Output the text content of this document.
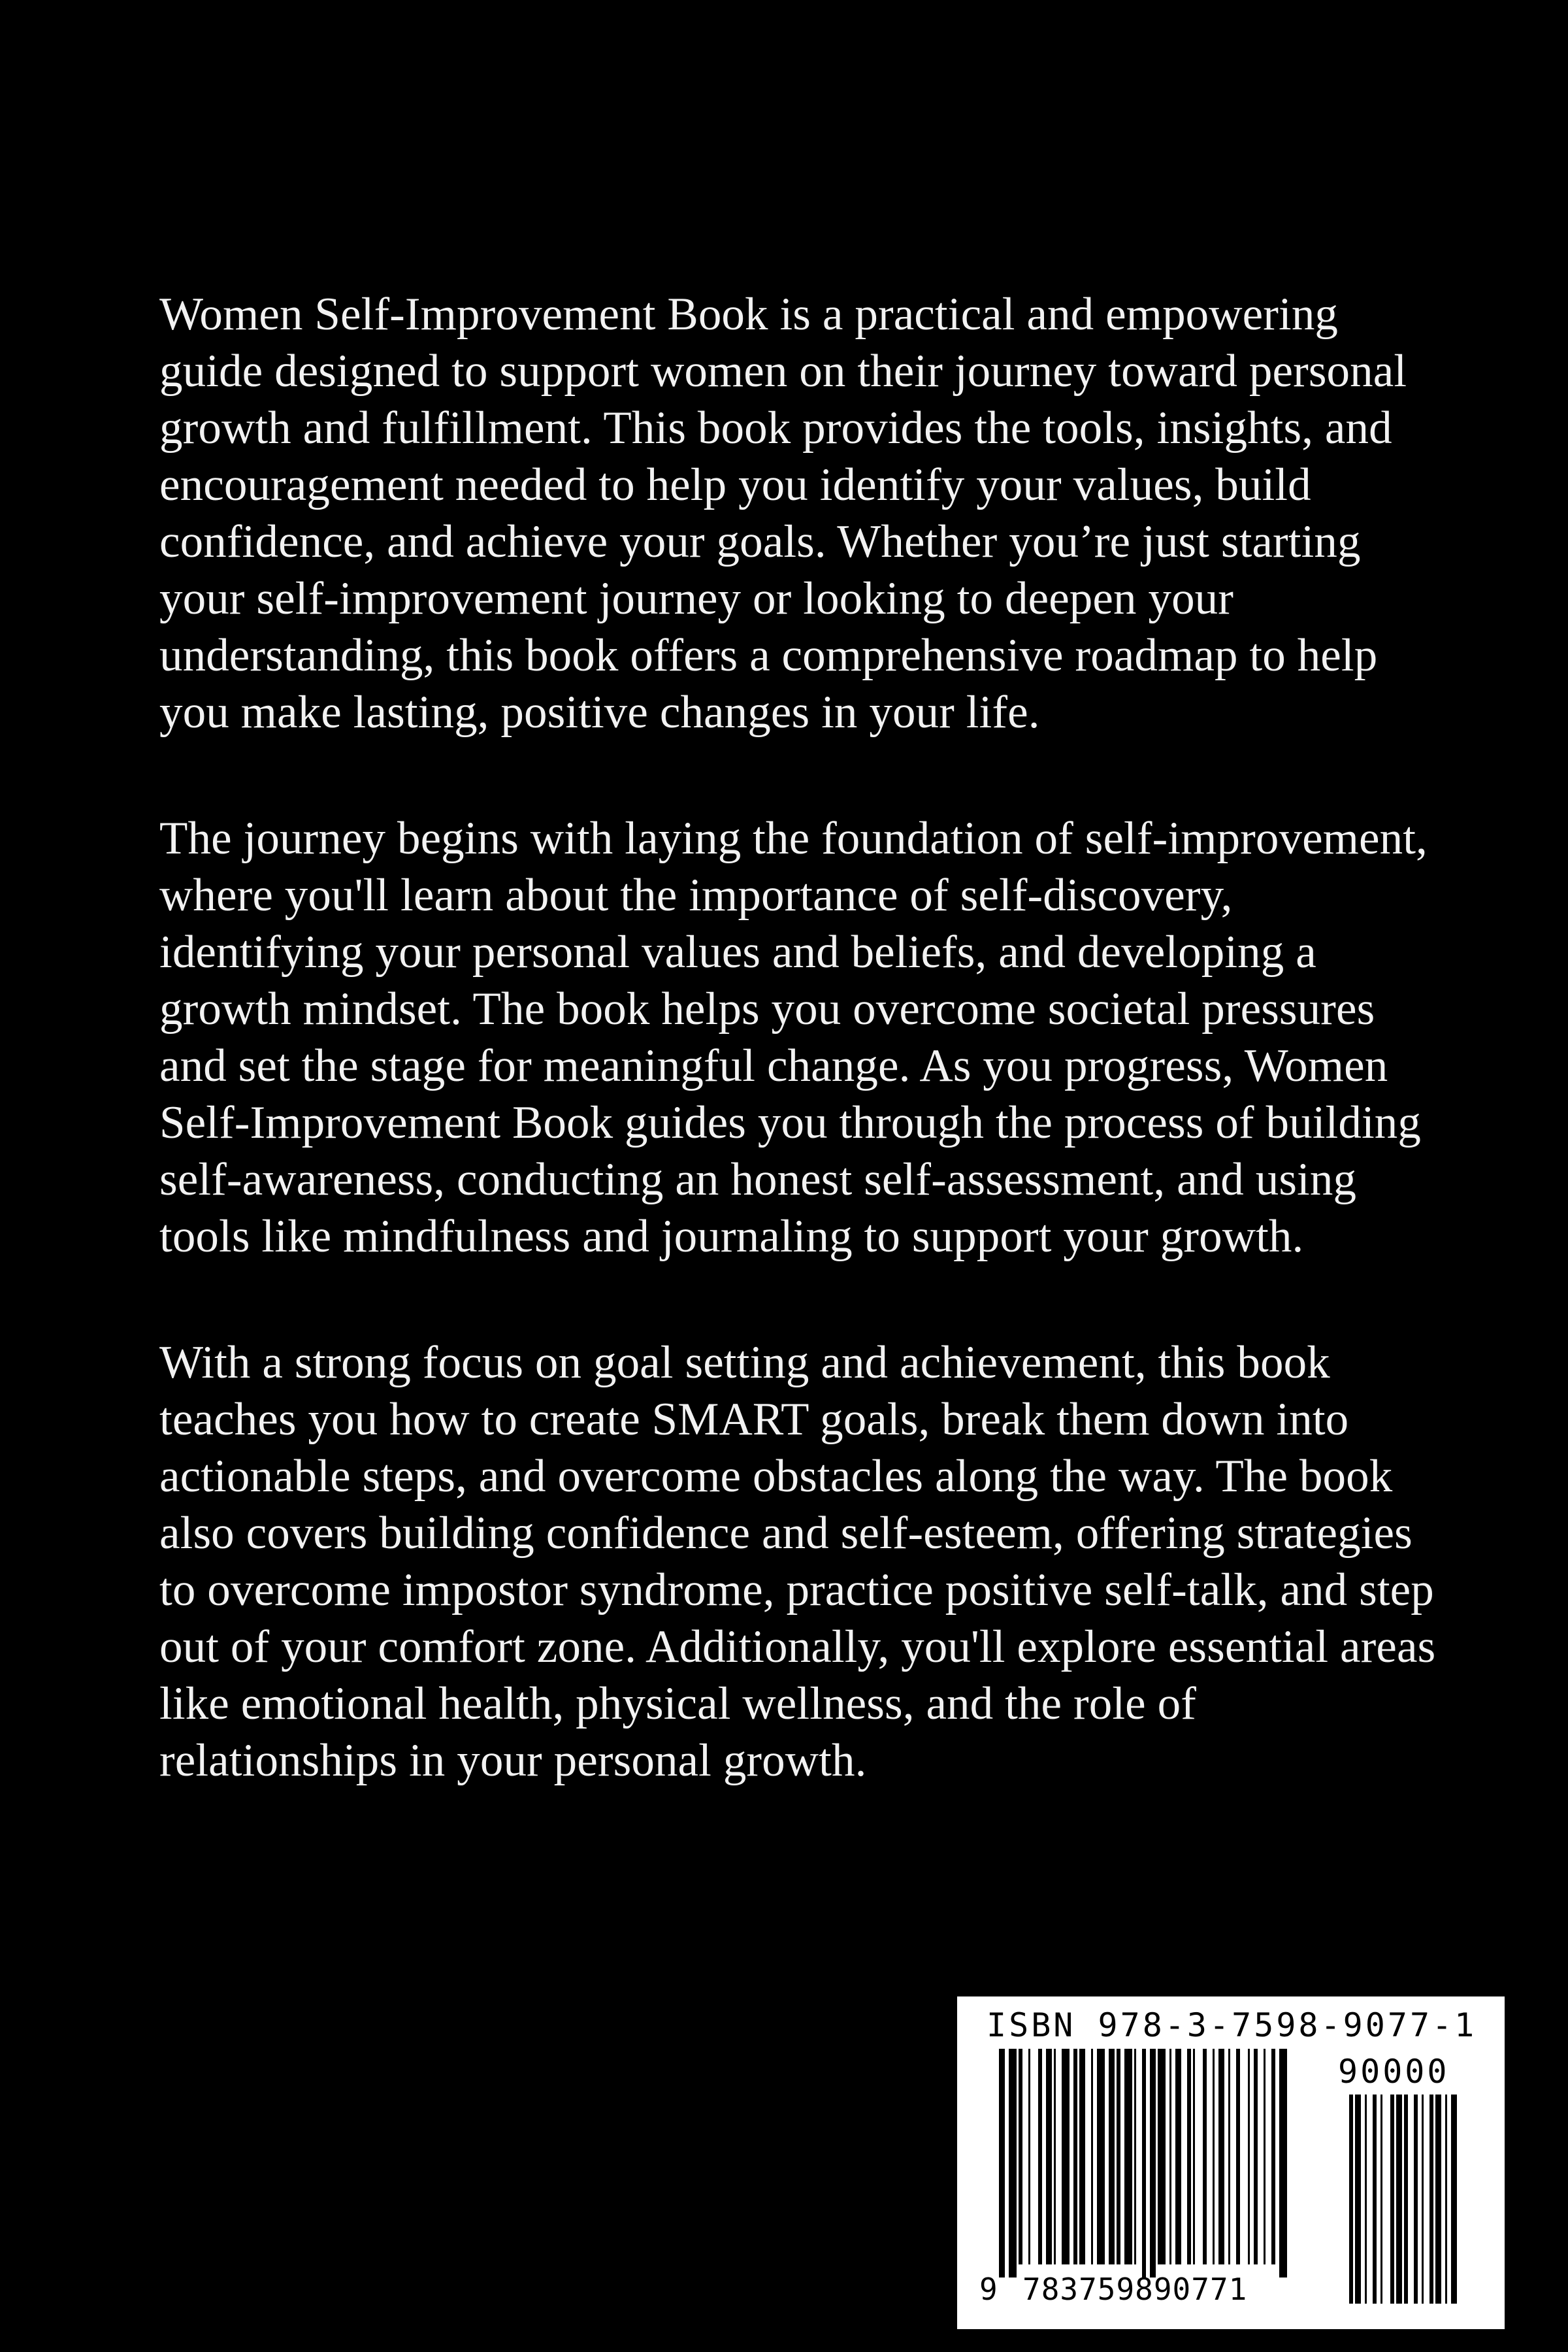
Women Self-Improvement Book is a practical and empowering guide designed to support women on their journey toward personal growth and fulfillment. This book provides the tools, insights, and encouragement needed to help you identify your values, build confidence, and achieve your goals. Whether you’re just starting your self-improvement journey or looking to deepen your understanding, this book offers a comprehensive roadmap to help you make lasting, positive changes in your life.

The journey begins with laying the foundation of self-improvement, where you'll learn about the importance of self-discovery, identifying your personal values and beliefs, and developing a growth mindset. The book helps you overcome societal pressures and set the stage for meaningful change. As you progress, Women Self-Improvement Book guides you through the process of building self-awareness, conducting an honest self-assessment, and using tools like mindfulness and journaling to support your growth.

With a strong focus on goal setting and achievement, this book teaches you how to create SMART goals, break them down into actionable steps, and overcome obstacles along the way. The book also covers building confidence and self-esteem, offering strategies to overcome impostor syndrome, practice positive self-talk, and step out of your comfort zone. Additionally, you'll explore essential areas like emotional health, physical wellness, and the role of relationships in your personal growth.

ISBN 978-3-7598-9077-1
90000
9 783759890771
